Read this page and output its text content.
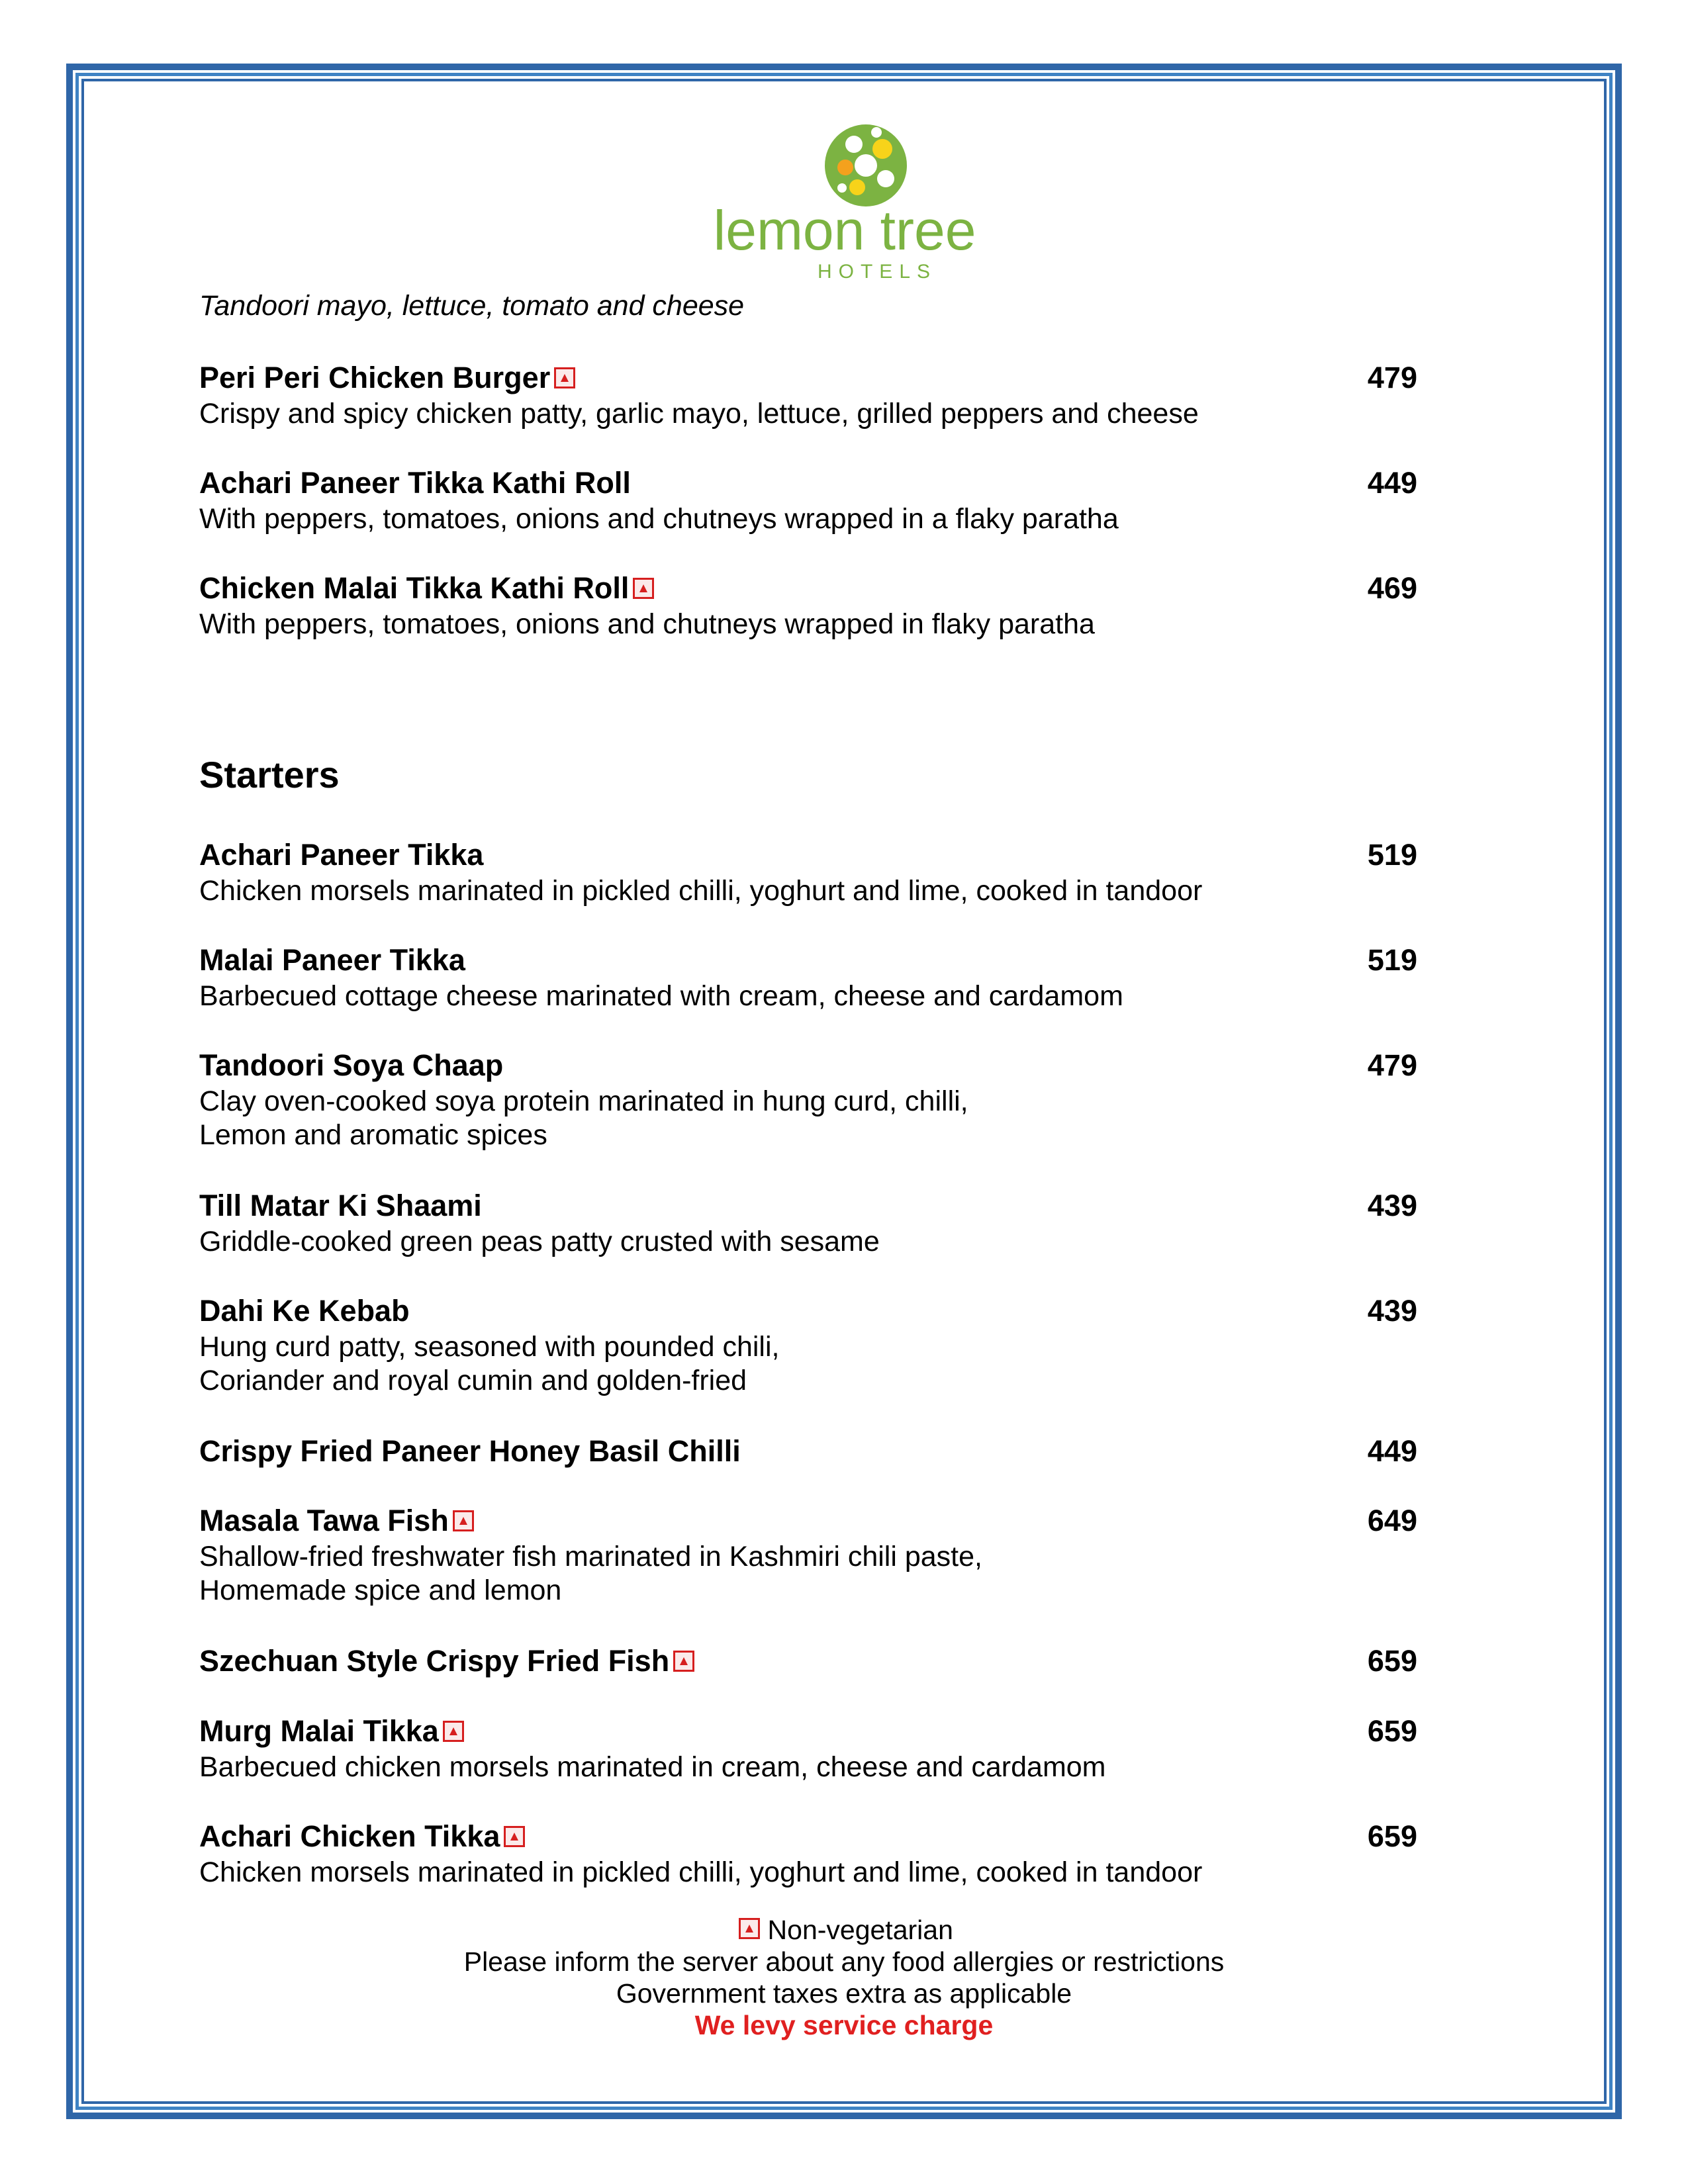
lemon tree
HOTELS
Tandoori mayo, lettuce, tomato and cheese
Peri Peri Chicken Burger	479
Crispy and spicy chicken patty, garlic mayo, lettuce, grilled peppers and cheese
Achari Paneer Tikka Kathi Roll	449
With peppers, tomatoes, onions and chutneys wrapped in a flaky paratha
Chicken Malai Tikka Kathi Roll	469
With peppers, tomatoes, onions and chutneys wrapped in flaky paratha
Starters
Achari Paneer Tikka	519
Chicken morsels marinated in pickled chilli, yoghurt and lime, cooked in tandoor
Malai Paneer Tikka	519
Barbecued cottage cheese marinated with cream, cheese and cardamom
Tandoori Soya Chaap	479
Clay oven-cooked soya protein marinated in hung curd, chilli,
Lemon and aromatic spices
Till Matar Ki Shaami	439
Griddle-cooked green peas patty crusted with sesame
Dahi Ke Kebab	439
Hung curd patty, seasoned with pounded chili,
Coriander and royal cumin and golden-fried
Crispy Fried Paneer Honey Basil Chilli	449
Masala Tawa Fish	649
Shallow-fried freshwater fish marinated in Kashmiri chili paste,
Homemade spice and lemon
Szechuan Style Crispy Fried Fish	659
Murg Malai Tikka	659
Barbecued chicken morsels marinated in cream, cheese and cardamom
Achari Chicken Tikka	659
Chicken morsels marinated in pickled chilli, yoghurt and lime, cooked in tandoor
Non-vegetarian
Please inform the server about any food allergies or restrictions
Government taxes extra as applicable
We levy service charge
